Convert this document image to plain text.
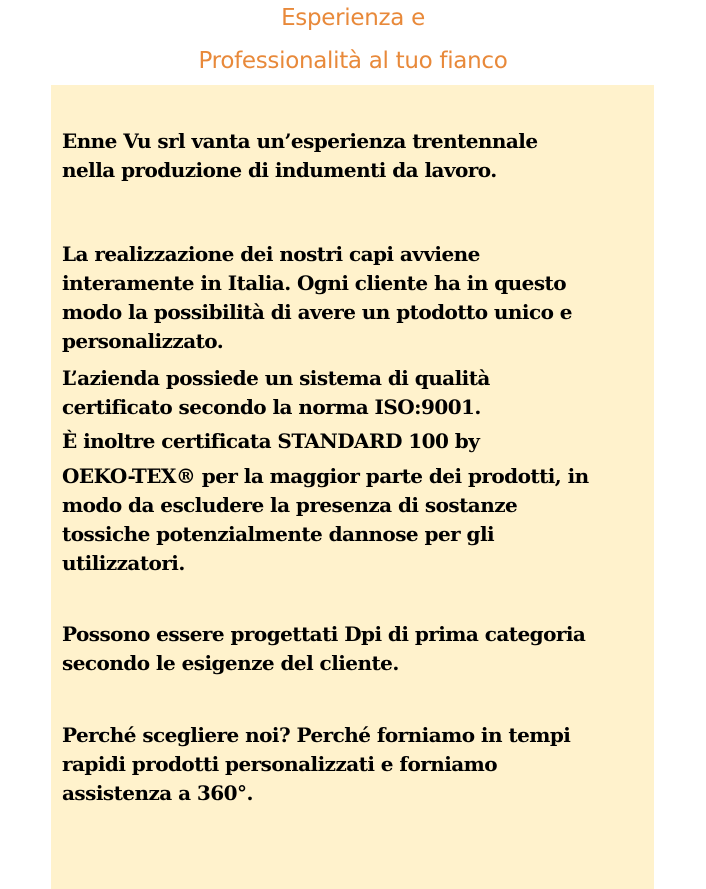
Esperienza e
Professionalità al tuo fianco

Enne Vu srl vanta un’esperienza trentennale
nella produzione di indumenti da lavoro.

La realizzazione dei nostri capi avviene
interamente in Italia. Ogni cliente ha in questo
modo la possibilità di avere un ptodotto unico e
personalizzato.

L’azienda possiede un sistema di qualità
certificato secondo la norma ISO:9001.

È inoltre certificata STANDARD 100 by

OEKO-TEX® per la maggior parte dei prodotti, in
modo da escludere la presenza di sostanze
tossiche potenzialmente dannose per gli
utilizzatori.

Possono essere progettati Dpi di prima categoria
secondo le esigenze del cliente.

Perché scegliere noi? Perché forniamo in tempi
rapidi prodotti personalizzati e forniamo
assistenza a 360°.
